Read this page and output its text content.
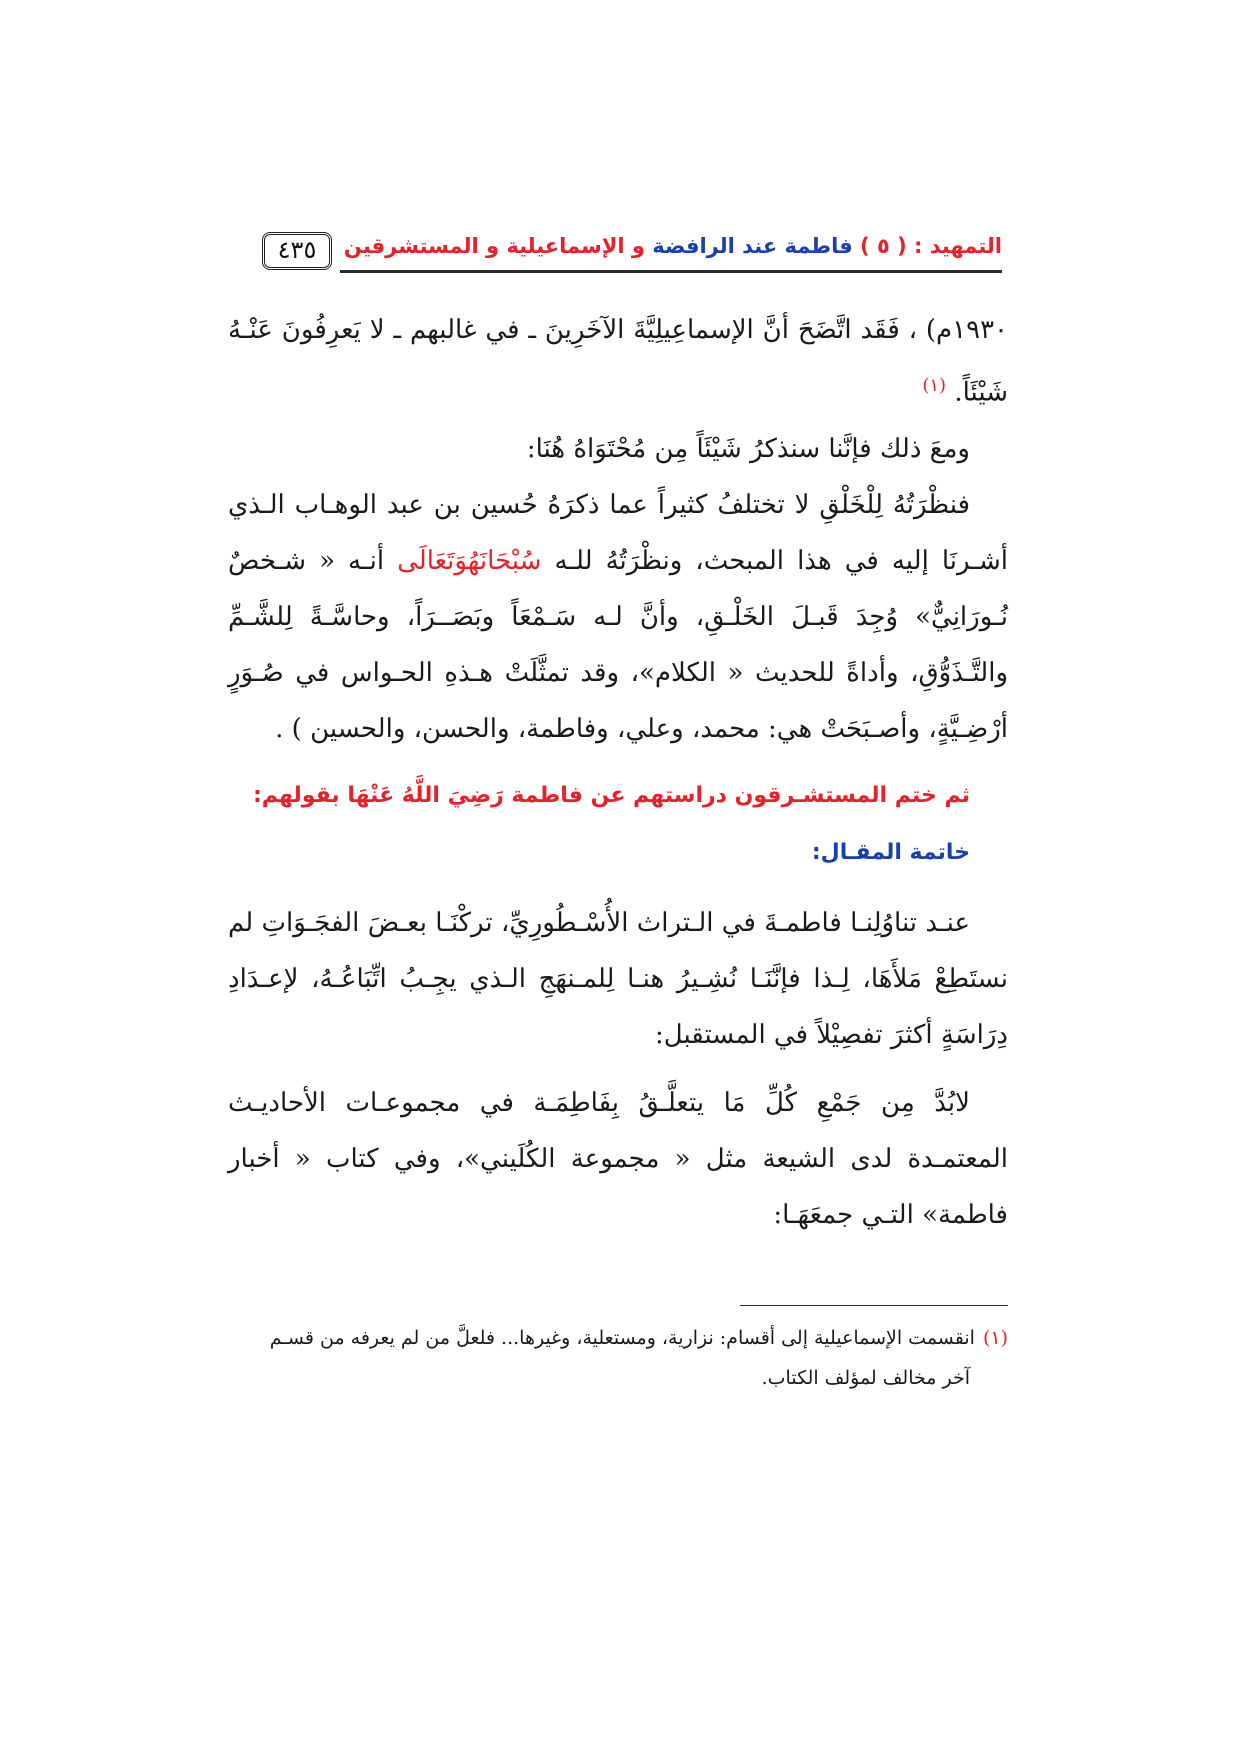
التمهيد : ( ٥ ) فاطمة عند الرافضة و الإسماعيلية و المستشرقين
٤٣٥

١٩٣٠م) ، فَقَد اتَّضَحَ أنَّ الإسماعِيلِيَّةَ الآخَرِينَ ـ في غالبهم ـ لا يَعرِفُونَ عَنْـهُ شَيْئَاً. $^{(١)}$

ومعَ ذلك فإنَّنا سنذكرُ شَيْئَاً مِن مُحْتَوَاهُ هُنَا:

فنظْرَتُهُ لِلْخَلْقِ لا تختلفُ كثيراً عما ذكرَهُ حُسين بن عبد الوهـاب الـذي أشـرنَا إليه في هذا المبحث، ونظْرَتُهُ للـه سُبْحَانَهُوَتَعَالَى أنـه « شـخصٌ نُـورَانِيٌّ» وُجِدَ قَبـلَ الخَلْـقِ، وأنَّ لـه سَـمْعَاً وبَصَــرَاً، وحاسَّـةً لِلشَّـمِّ والتَّـذَوُّقِ، وأداةً للحديث « الكلام»، وقد تمثَّلَتْ هـذهِ الحـواس في صُـوَرٍ أرْضِـيَّةٍ، وأصـبَحَتْ هي: محمد، وعلي، وفاطمة، والحسن، والحسين ) .

ثم ختم المستشـرقون دراستهم عن فاطمة رَضِيَ اللَّهُ عَنْهَا بقولهم:

خاتمة المقـال:

عنـد تناوُلِنـا فاطمـةَ في الـتراث الأُسْـطُورِيِّ، تركْنَـا بعـضَ الفجَـوَاتِ لم نستَطِعْ مَلأَهَا، لِـذا فإنَّنَـا نُشِـيرُ هنـا لِلمـنهَجِ الـذي يجِـبُ اتِّبَاعُـهُ، لإعـدَادِ دِرَاسَةٍ أكثرَ تفصِيْلاً في المستقبل:

لابُدَّ مِن جَمْعِ كُلِّ مَا يتعلَّـقُ بِفَاطِمَـة في مجموعـات الأحاديـث المعتمـدة لدى الشيعة مثل « مجموعة الكُلَيني»، وفي كتاب « أخبار فاطمة» التـي جمعَهَـا:

(١)انقسمت الإسماعيلية إلى أقسام: نزارية، ومستعلية، وغيرها... فلعلَّ من لم يعرفه من قسـم

آخر مخالف لمؤلف الكتاب.
